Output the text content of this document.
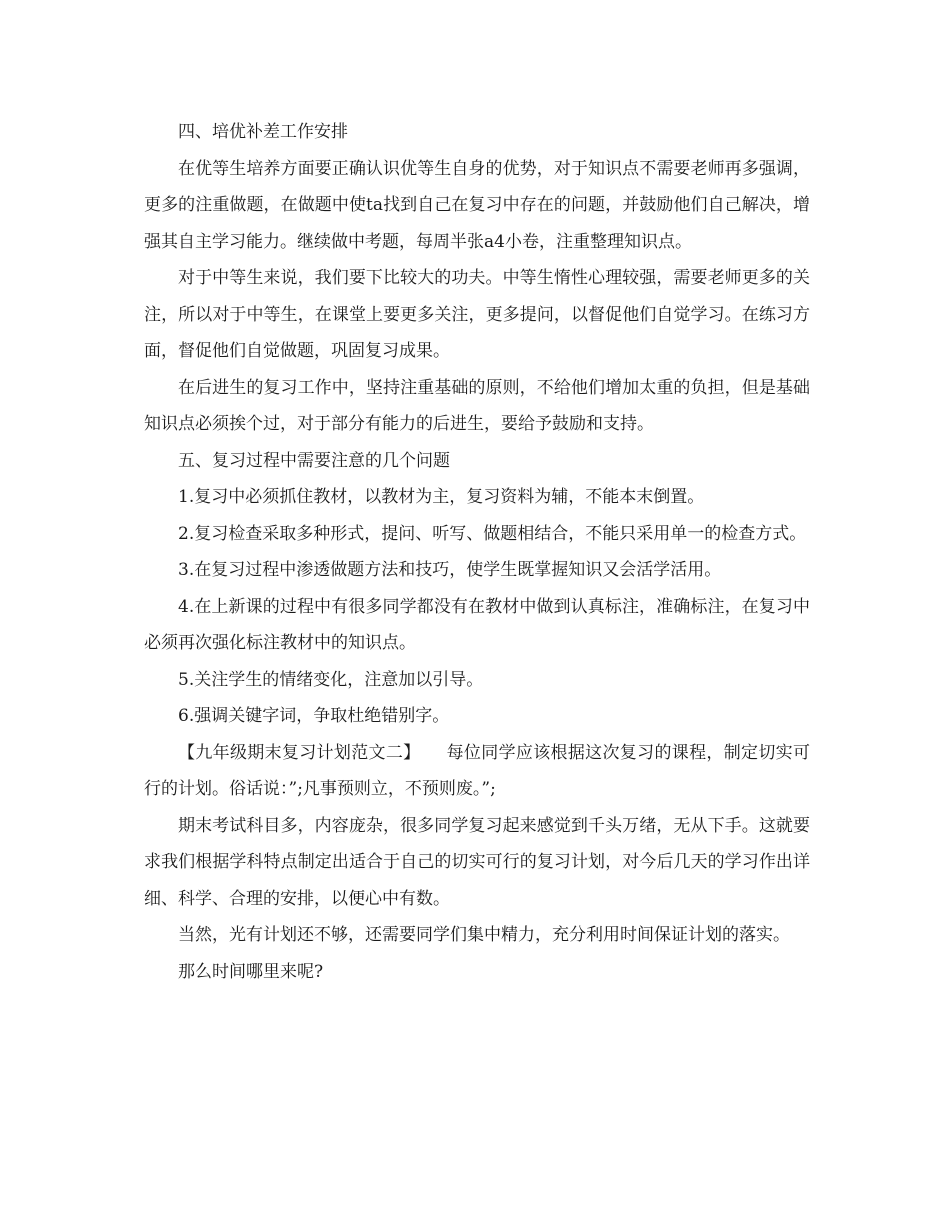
四、培优补差工作安排

在优等生培养方面要正确认识优等生自身的优势，对于知识点不需要老师再多强调，更多的注重做题，在做题中使ta找到自己在复习中存在的问题，并鼓励他们自己解决，增强其自主学习能力。继续做中考题，每周半张a4小卷，注重整理知识点。

对于中等生来说，我们要下比较大的功夫。中等生惰性心理较强，需要老师更多的关注，所以对于中等生，在课堂上要更多关注，更多提问，以督促他们自觉学习。在练习方面，督促他们自觉做题，巩固复习成果。

在后进生的复习工作中，坚持注重基础的原则，不给他们增加太重的负担，但是基础知识点必须挨个过，对于部分有能力的后进生，要给予鼓励和支持。

五、复习过程中需要注意的几个问题

1.复习中必须抓住教材，以教材为主，复习资料为辅，不能本末倒置。

2.复习检查采取多种形式，提问、听写、做题相结合，不能只采用单一的检查方式。

3.在复习过程中渗透做题方法和技巧，使学生既掌握知识又会活学活用。

4.在上新课的过程中有很多同学都没有在教材中做到认真标注，准确标注，在复习中必须再次强化标注教材中的知识点。

5.关注学生的情绪变化，注意加以引导。

6.强调关键字词，争取杜绝错别字。

【九年级期末复习计划范文二】　　每位同学应该根据这次复习的课程，制定切实可行的计划。俗话说：”;凡事预则立，不预则废。”;

期末考试科目多，内容庞杂，很多同学复习起来感觉到千头万绪，无从下手。这就要求我们根据学科特点制定出适合于自己的切实可行的复习计划，对今后几天的学习作出详细、科学、合理的安排，以便心中有数。

当然，光有计划还不够，还需要同学们集中精力，充分利用时间保证计划的落实。

那么时间哪里来呢?
